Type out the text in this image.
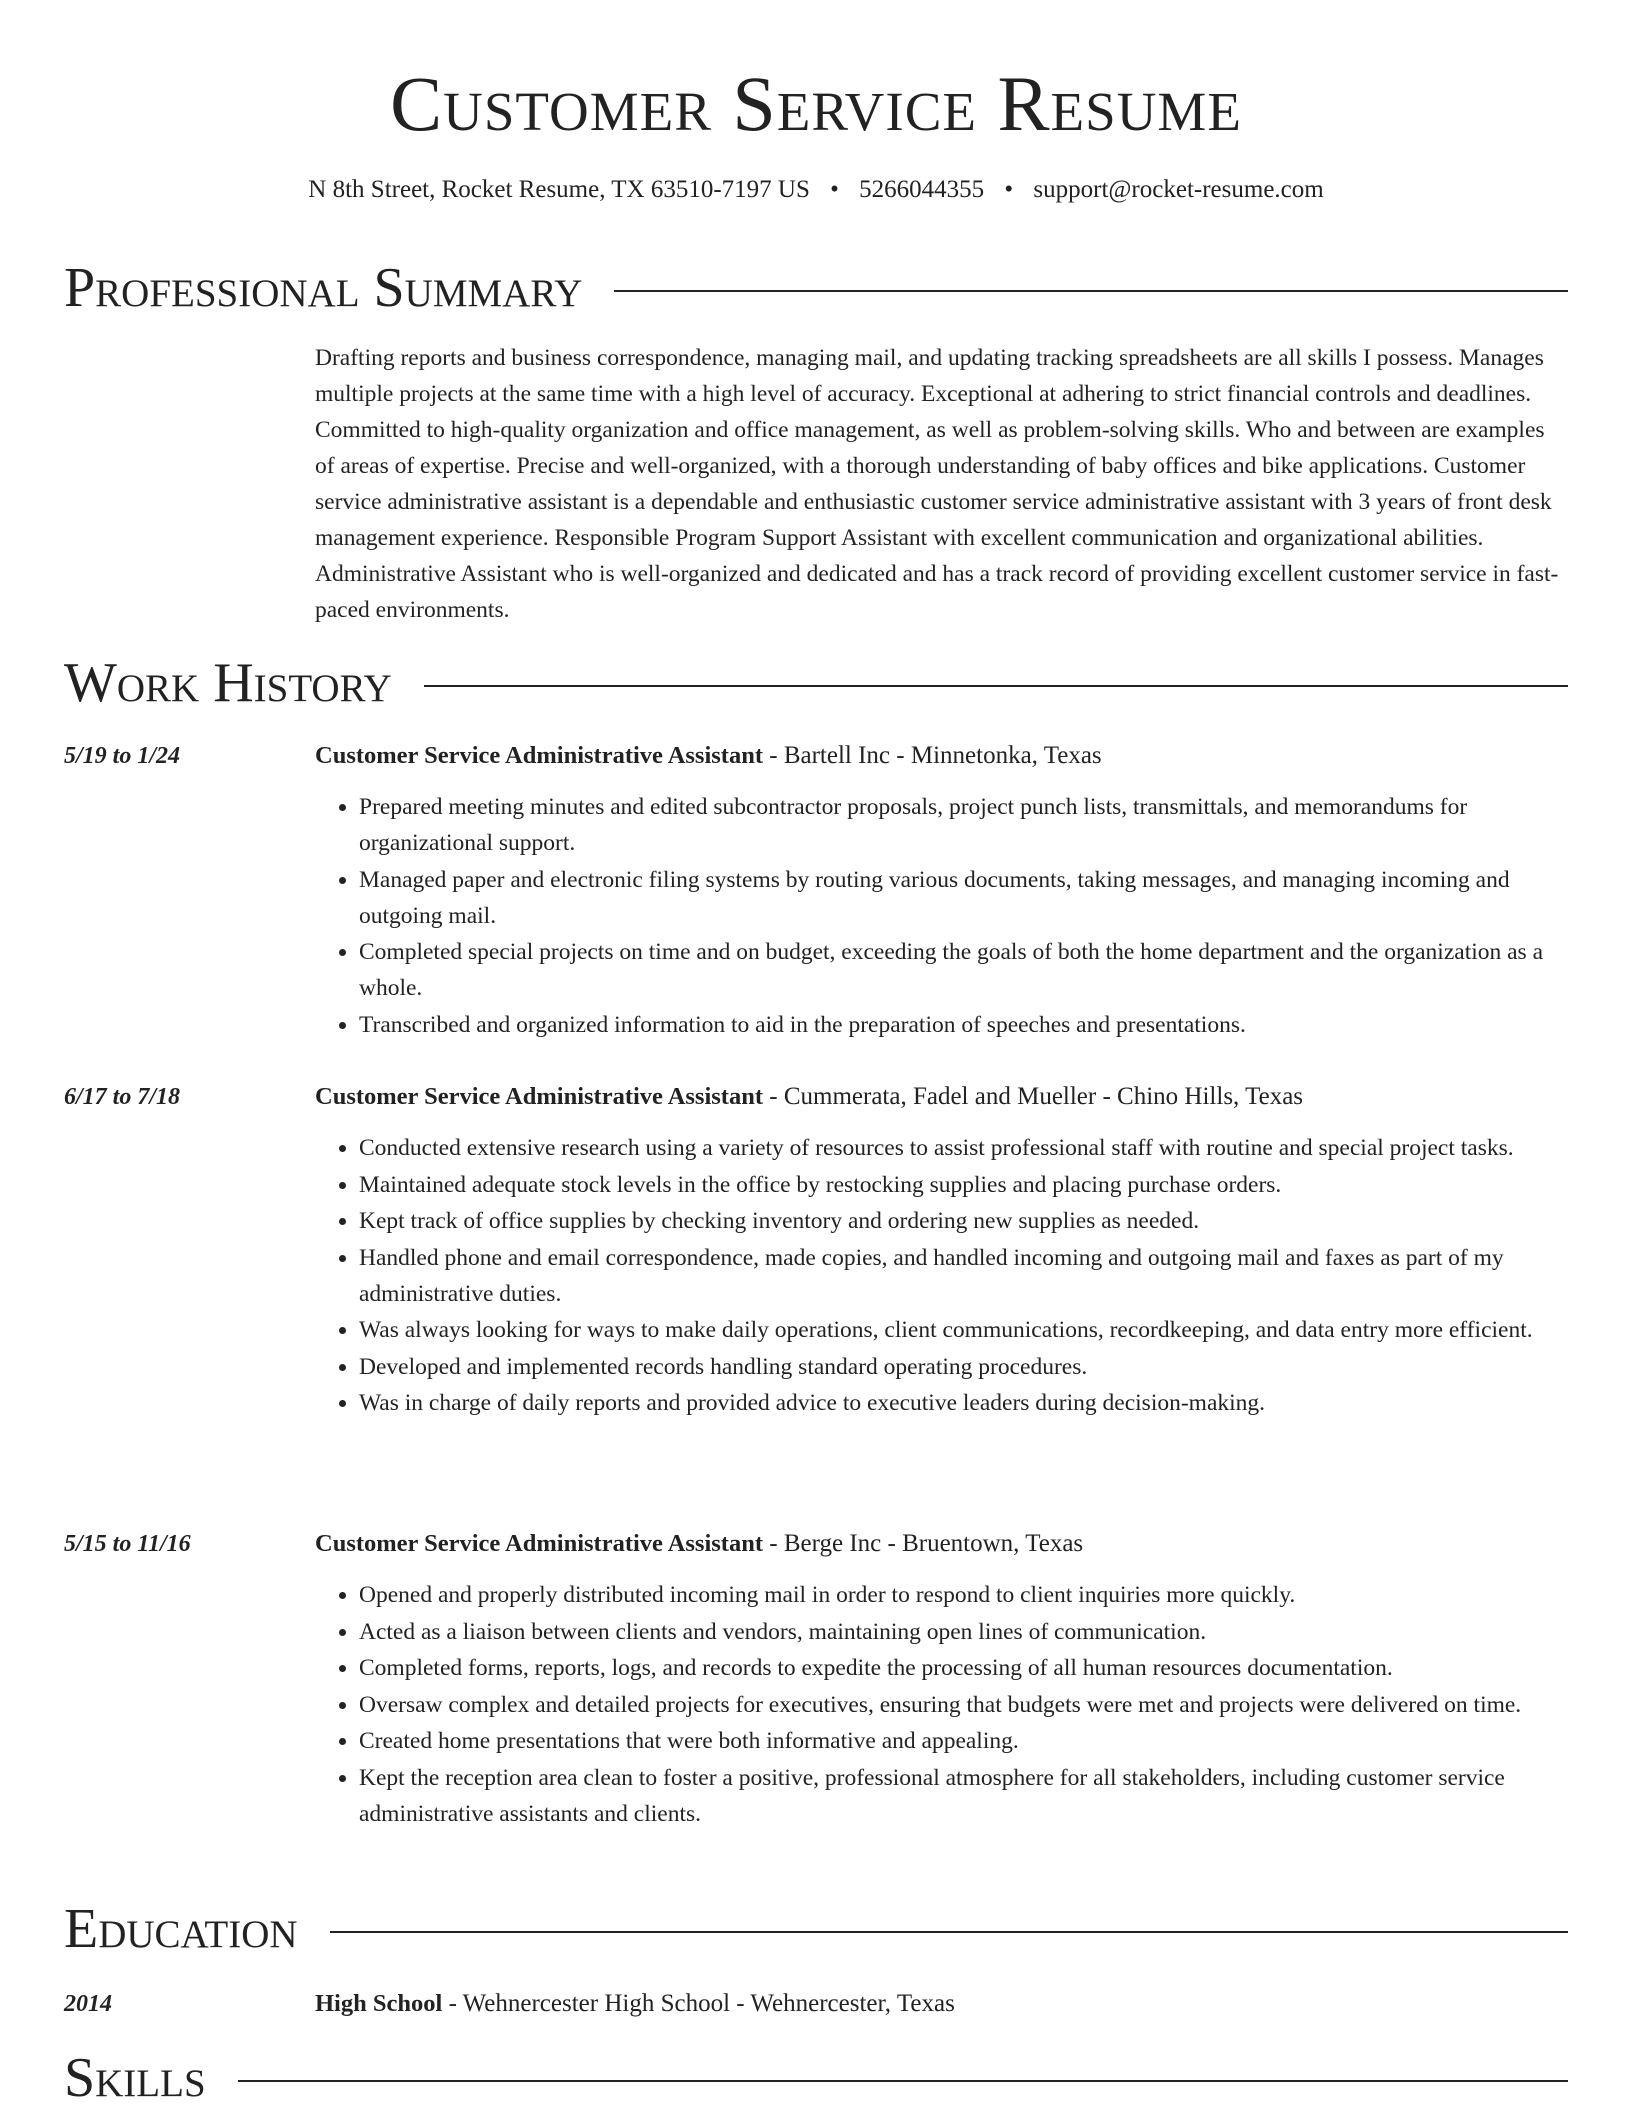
Customer Service Resume
N 8th Street, Rocket Resume, TX 63510-7197 US • 5266044355 • support@rocket-resume.com
Professional Summary
Drafting reports and business correspondence, managing mail, and updating tracking spreadsheets are all skills I possess. Manages multiple projects at the same time with a high level of accuracy. Exceptional at adhering to strict financial controls and deadlines. Committed to high-quality organization and office management, as well as problem-solving skills. Who and between are examples of areas of expertise. Precise and well-organized, with a thorough understanding of baby offices and bike applications. Customer service administrative assistant is a dependable and enthusiastic customer service administrative assistant with 3 years of front desk management experience. Responsible Program Support Assistant with excellent communication and organizational abilities. Administrative Assistant who is well-organized and dedicated and has a track record of providing excellent customer service in fast-paced environments.
Work History
5/19 to 1/24	Customer Service Administrative Assistant - Bartell Inc - Minnetonka, Texas
• Prepared meeting minutes and edited subcontractor proposals, project punch lists, transmittals, and memorandums for organizational support.
• Managed paper and electronic filing systems by routing various documents, taking messages, and managing incoming and outgoing mail.
• Completed special projects on time and on budget, exceeding the goals of both the home department and the organization as a whole.
• Transcribed and organized information to aid in the preparation of speeches and presentations.
6/17 to 7/18	Customer Service Administrative Assistant - Cummerata, Fadel and Mueller - Chino Hills, Texas
• Conducted extensive research using a variety of resources to assist professional staff with routine and special project tasks.
• Maintained adequate stock levels in the office by restocking supplies and placing purchase orders.
• Kept track of office supplies by checking inventory and ordering new supplies as needed.
• Handled phone and email correspondence, made copies, and handled incoming and outgoing mail and faxes as part of my administrative duties.
• Was always looking for ways to make daily operations, client communications, recordkeeping, and data entry more efficient.
• Developed and implemented records handling standard operating procedures.
• Was in charge of daily reports and provided advice to executive leaders during decision-making.
5/15 to 11/16	Customer Service Administrative Assistant - Berge Inc - Bruentown, Texas
• Opened and properly distributed incoming mail in order to respond to client inquiries more quickly.
• Acted as a liaison between clients and vendors, maintaining open lines of communication.
• Completed forms, reports, logs, and records to expedite the processing of all human resources documentation.
• Oversaw complex and detailed projects for executives, ensuring that budgets were met and projects were delivered on time.
• Created home presentations that were both informative and appealing.
• Kept the reception area clean to foster a positive, professional atmosphere for all stakeholders, including customer service administrative assistants and clients.
Education
2014	High School - Wehnercester High School - Wehnercester, Texas
Skills
